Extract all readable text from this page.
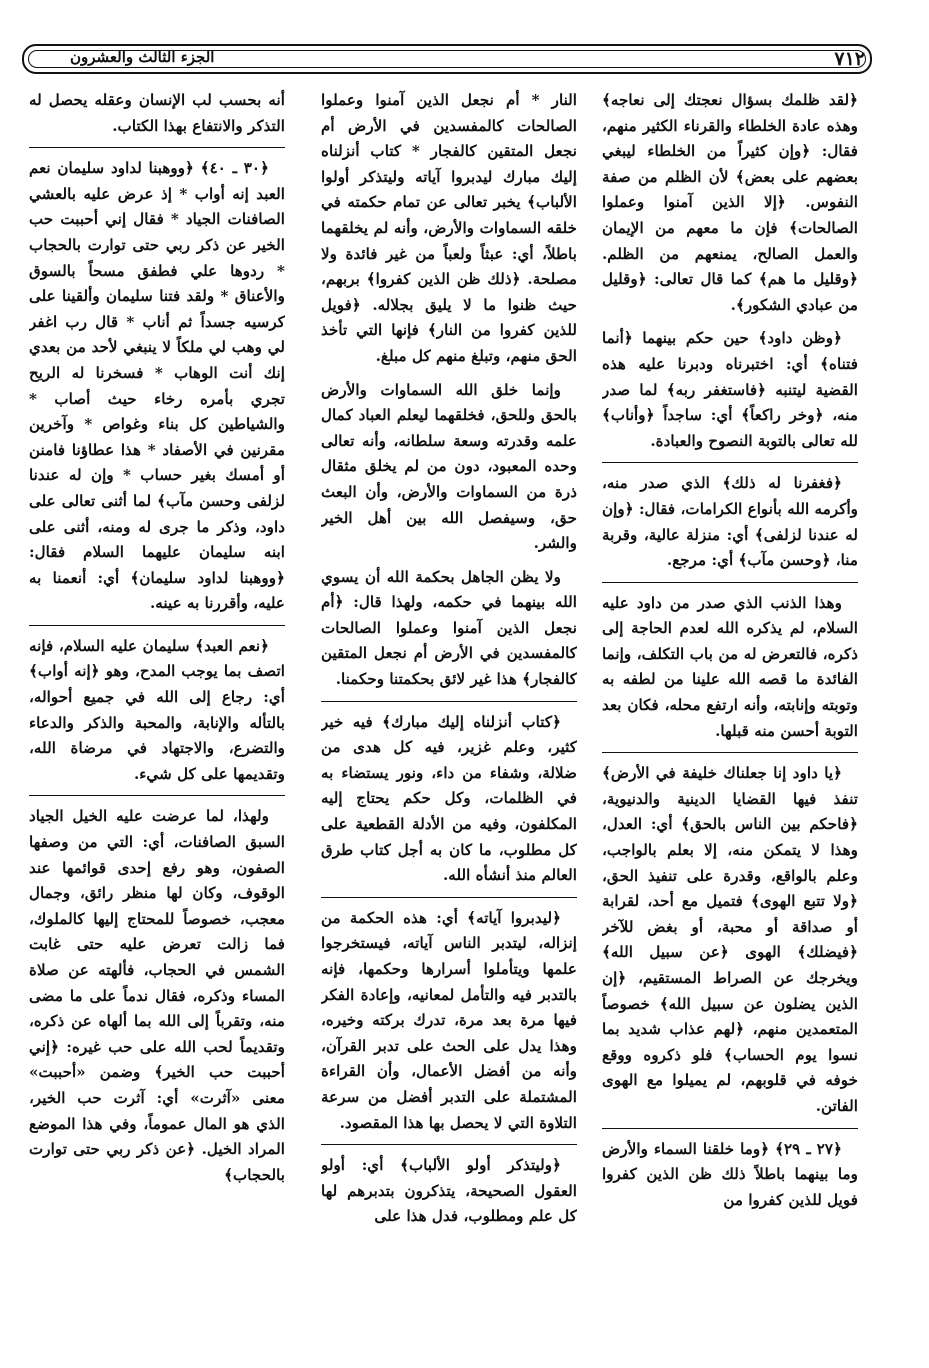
٧١٢
الجزء الثالث والعشرون

﴿لقد ظلمك بسؤال نعجتك إلى نعاجه﴾ وهذه عادة الخلطاء والقرناء الكثير منهم، فقال: ﴿وإن كثيراً من الخلطاء ليبغي بعضهم على بعض﴾ لأن الظلم من صفة النفوس. ﴿إلا الذين آمنوا وعملوا الصالحات﴾ فإن ما معهم من الإيمان والعمل الصالح، يمنعهم من الظلم. ﴿وقليل ما هم﴾ كما قال تعالى: ﴿وقليل من عبادي الشكور﴾.

﴿وظن داود﴾ حين حكم بينهما ﴿أنما فتناه﴾ أي: اختبرناه ودبرنا عليه هذه القضية ليتنبه ﴿فاستغفر ربه﴾ لما صدر منه، ﴿وخر راكعاً﴾ أي: ساجداً ﴿وأناب﴾ لله تعالى بالتوبة النصوح والعبادة.

﴿فغفرنا له ذلك﴾ الذي صدر منه، وأكرمه الله بأنواع الكرامات، فقال: ﴿وإن له عندنا لزلفى﴾ أي: منزلة عالية، وقربة منا، ﴿وحسن مآب﴾ أي: مرجع.

وهذا الذنب الذي صدر من داود عليه السلام، لم يذكره الله لعدم الحاجة إلى ذكره، فالتعرض له من باب التكلف، وإنما الفائدة ما قصه الله علينا من لطفه به وتوبته وإنابته، وأنه ارتفع محله، فكان بعد التوبة أحسن منه قبلها.

﴿يا داود إنا جعلناك خليفة في الأرض﴾ تنفذ فيها القضايا الدينية والدنيوية، ﴿فاحكم بين الناس بالحق﴾ أي: العدل، وهذا لا يتمكن منه، إلا بعلم بالواجب، وعلم بالواقع، وقدرة على تنفيذ الحق، ﴿ولا تتبع الهوى﴾ فتميل مع أحد، لقرابة أو صداقة أو محبة، أو بغض للآخر ﴿فيضلك﴾ الهوى ﴿عن سبيل الله﴾ ويخرجك عن الصراط المستقيم، ﴿إن الذين يضلون عن سبيل الله﴾ خصوصاً المتعمدين منهم، ﴿لهم عذاب شديد بما نسوا يوم الحساب﴾ فلو ذكروه ووقع خوفه في قلوبهم، لم يميلوا مع الهوى الفاتن.

﴿٢٧ ـ ٢٩﴾ ﴿وما خلقنا السماء والأرض وما بينهما باطلاً ذلك ظن الذين كفروا فويل للذين كفروا من

النار * أم نجعل الذين آمنوا وعملوا الصالحات كالمفسدين في الأرض أم نجعل المتقين كالفجار * كتاب أنزلناه إليك مبارك ليدبروا آياته وليتذكر أولوا الألباب﴾ يخبر تعالى عن تمام حكمته في خلقه السماوات والأرض، وأنه لم يخلقهما باطلاً، أي: عبثاً ولعباً من غير فائدة ولا مصلحة. ﴿ذلك ظن الذين كفروا﴾ بربهم، حيث ظنوا ما لا يليق بجلاله. ﴿فويل للذين كفروا من النار﴾ فإنها التي تأخذ الحق منهم، وتبلغ منهم كل مبلغ.

وإنما خلق الله السماوات والأرض بالحق وللحق، فخلقهما ليعلم العباد كمال علمه وقدرته وسعة سلطانه، وأنه تعالى وحده المعبود، دون من لم يخلق مثقال ذرة من السماوات والأرض، وأن البعث حق، وسيفصل الله بين أهل الخير والشر.

ولا يظن الجاهل بحكمة الله أن يسوي الله بينهما في حكمه، ولهذا قال: ﴿أم نجعل الذين آمنوا وعملوا الصالحات كالمفسدين في الأرض أم نجعل المتقين كالفجار﴾ هذا غير لائق بحكمتنا وحكمنا.

﴿كتاب أنزلناه إليك مبارك﴾ فيه خير كثير، وعلم غزير، فيه كل هدى من ضلالة، وشفاء من داء، ونور يستضاء به في الظلمات، وكل حكم يحتاج إليه المكلفون، وفيه من الأدلة القطعية على كل مطلوب، ما كان به أجل كتاب طرق العالم منذ أنشأه الله.

﴿ليدبروا آياته﴾ أي: هذه الحكمة من إنزاله، ليتدبر الناس آياته، فيستخرجوا علمها ويتأملوا أسرارها وحكمها، فإنه بالتدبر فيه والتأمل لمعانيه، وإعادة الفكر فيها مرة بعد مرة، تدرك بركته وخيره، وهذا يدل على الحث على تدبر القرآن، وأنه من أفضل الأعمال، وأن القراءة المشتملة على التدبر أفضل من سرعة التلاوة التي لا يحصل بها هذا المقصود.

﴿وليتذكر أولو الألباب﴾ أي: أولو العقول الصحيحة، يتذكرون بتدبرهم لها كل علم ومطلوب، فدل هذا على

أنه بحسب لب الإنسان وعقله يحصل له التذكر والانتفاع بهذا الكتاب.

﴿٣٠ ـ ٤٠﴾ ﴿ووهبنا لداود سليمان نعم العبد إنه أواب * إذ عرض عليه بالعشي الصافنات الجياد * فقال إني أحببت حب الخير عن ذكر ربي حتى توارت بالحجاب * ردوها علي فطفق مسحاً بالسوق والأعناق * ولقد فتنا سليمان وألقينا على كرسيه جسداً ثم أناب * قال رب اغفر لي وهب لي ملكاً لا ينبغي لأحد من بعدي إنك أنت الوهاب * فسخرنا له الريح تجري بأمره رخاء حيث أصاب * والشياطين كل بناء وغواص * وآخرين مقرنين في الأصفاد * هذا عطاؤنا فامنن أو أمسك بغير حساب * وإن له عندنا لزلفى وحسن مآب﴾ لما أثنى تعالى على داود، وذكر ما جرى له ومنه، أثنى على ابنه سليمان عليهما السلام فقال: ﴿ووهبنا لداود سليمان﴾ أي: أنعمنا به عليه، وأقررنا به عينه.

﴿نعم العبد﴾ سليمان عليه السلام، فإنه اتصف بما يوجب المدح، وهو ﴿إنه أواب﴾ أي: رجاع إلى الله في جميع أحواله، بالتأله والإنابة، والمحبة والذكر والدعاء والتضرع، والاجتهاد في مرضاة الله، وتقديمها على كل شيء.

ولهذا، لما عرضت عليه الخيل الجياد السبق الصافنات، أي: التي من وصفها الصفون، وهو رفع إحدى قوائمها عند الوقوف، وكان لها منظر رائق، وجمال معجب، خصوصاً للمحتاج إليها كالملوك، فما زالت تعرض عليه حتى غابت الشمس في الحجاب، فألهته عن صلاة المساء وذكره، فقال ندماً على ما مضى منه، وتقرباً إلى الله بما ألهاه عن ذكره، وتقديماً لحب الله على حب غيره: ﴿إني أحببت حب الخير﴾ وضمن «أحببت» معنى «آثرت» أي: آثرت حب الخير، الذي هو المال عموماً، وفي هذا الموضع المراد الخيل. ﴿عن ذكر ربي حتى توارت بالحجاب﴾
